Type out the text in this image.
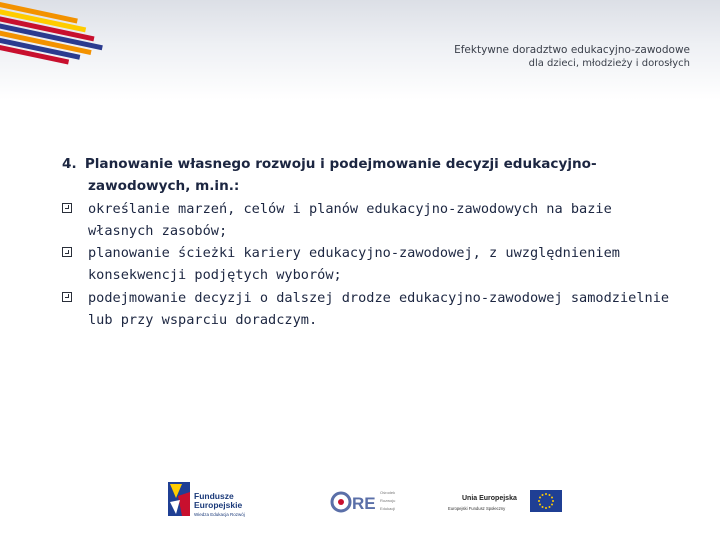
Efektywne doradztwo edukacyjno-zawodowe
dla dzieci, młodzieży i dorosłych

4. Planowanie własnego rozwoju i podejmowanie decyzji edukacyjno-zawodowych, m.in.:

określanie marzeń, celów i planów edukacyjno-zawodowych na bazie własnych zasobów;
planowanie ścieżki kariery edukacyjno-zawodowej, z uwzględnieniem konsekwencji podjętych wyborów;
podejmowanie decyzji o dalszej drodze edukacyjno-zawodowej samodzielnie lub przy wsparciu doradczym.
Fundusze
Europejskie
Wiedza Edukacja Rozwój
RE
Ośrodek
Rozwoju
Edukacji
Unia Europejska
Europejski Fundusz Społeczny
